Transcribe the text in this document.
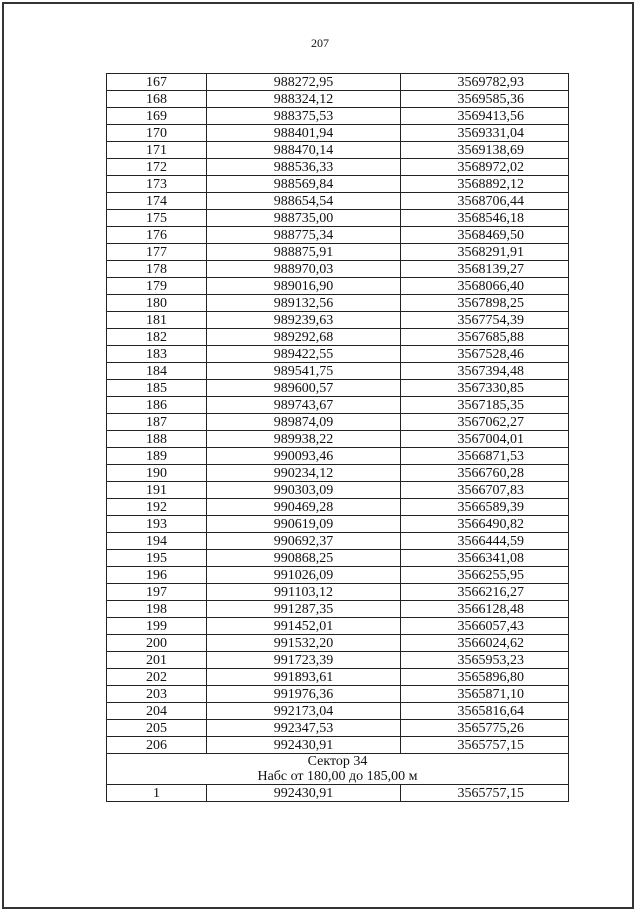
207
167	988272,95	3569782,93
168	988324,12	3569585,36
169	988375,53	3569413,56
170	988401,94	3569331,04
171	988470,14	3569138,69
172	988536,33	3568972,02
173	988569,84	3568892,12
174	988654,54	3568706,44
175	988735,00	3568546,18
176	988775,34	3568469,50
177	988875,91	3568291,91
178	988970,03	3568139,27
179	989016,90	3568066,40
180	989132,56	3567898,25
181	989239,63	3567754,39
182	989292,68	3567685,88
183	989422,55	3567528,46
184	989541,75	3567394,48
185	989600,57	3567330,85
186	989743,67	3567185,35
187	989874,09	3567062,27
188	989938,22	3567004,01
189	990093,46	3566871,53
190	990234,12	3566760,28
191	990303,09	3566707,83
192	990469,28	3566589,39
193	990619,09	3566490,82
194	990692,37	3566444,59
195	990868,25	3566341,08
196	991026,09	3566255,95
197	991103,12	3566216,27
198	991287,35	3566128,48
199	991452,01	3566057,43
200	991532,20	3566024,62
201	991723,39	3565953,23
202	991893,61	3565896,80
203	991976,36	3565871,10
204	992173,04	3565816,64
205	992347,53	3565775,26
206	992430,91	3565757,15

Сектор 34
Набс от 180,00 до 185,00 м		

1	992430,91	3565757,15
